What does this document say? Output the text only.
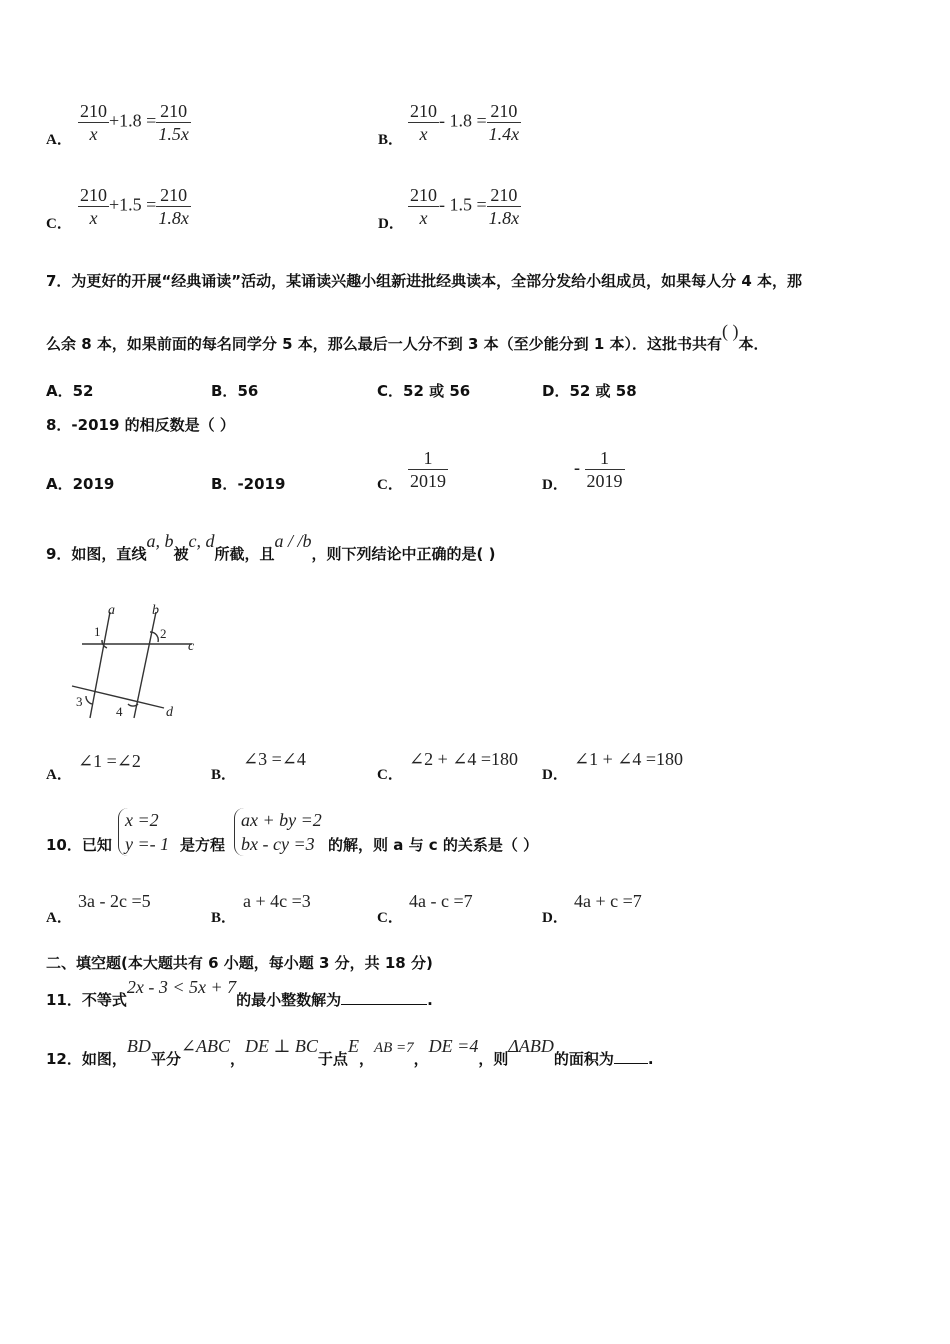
A． $\frac{210}{x} +1.8 = \frac{210}{1.5x}$	B． $\frac{210}{x} - 1.8 = \frac{210}{1.4x}$
C． $\frac{210}{x} +1.5 = \frac{210}{1.8x}$	D． $\frac{210}{x} - 1.5 = \frac{210}{1.8x}$
7．为更好的开展“经典诵读”活动，某诵读兴趣小组新进批经典读本，全部分发给小组成员，如果每人分 4 本，那
么余 8 本，如果前面的每名同学分 5 本，那么最后一人分不到 3 本（至少能分到 1 本）．这批书共有( )本．
A．52	B．56	C．52 或 56	D．52 或 58
8．-2019 的相反数是（ ）
A．2019	B．-2019	C． $\frac{1}{2019}$	D．
- $\frac{1}{2019}$
9．如图，直线a, b被c, d所截，且a / /b，则下列结论中正确的是( )
a	b
c
d
1	2
3
4
A．
∠1 =∠2
B．
∠3 =∠4
C．
∠2 + ∠4 =180
D．
∠1 + ∠4 =180
10．已知
x =2
y =- 1 是方程
ax + by =2
bx - cy =3 的解，则 a 与 c 的关系是（ ）
A．
3a - 2c =5
B．
a + 4c =3
C．
4a - c =7
D．
4a + c =7
二、填空题(本大题共有 6 小题，每小题 3 分，共 18 分)
11．不等式2x - 3 < 5x + 7的最小整数解为	.
12．如图，BD平分∠ABC，DE ⊥ BC于点E，AB =7，DE =4，则ΔABD的面积为 .
